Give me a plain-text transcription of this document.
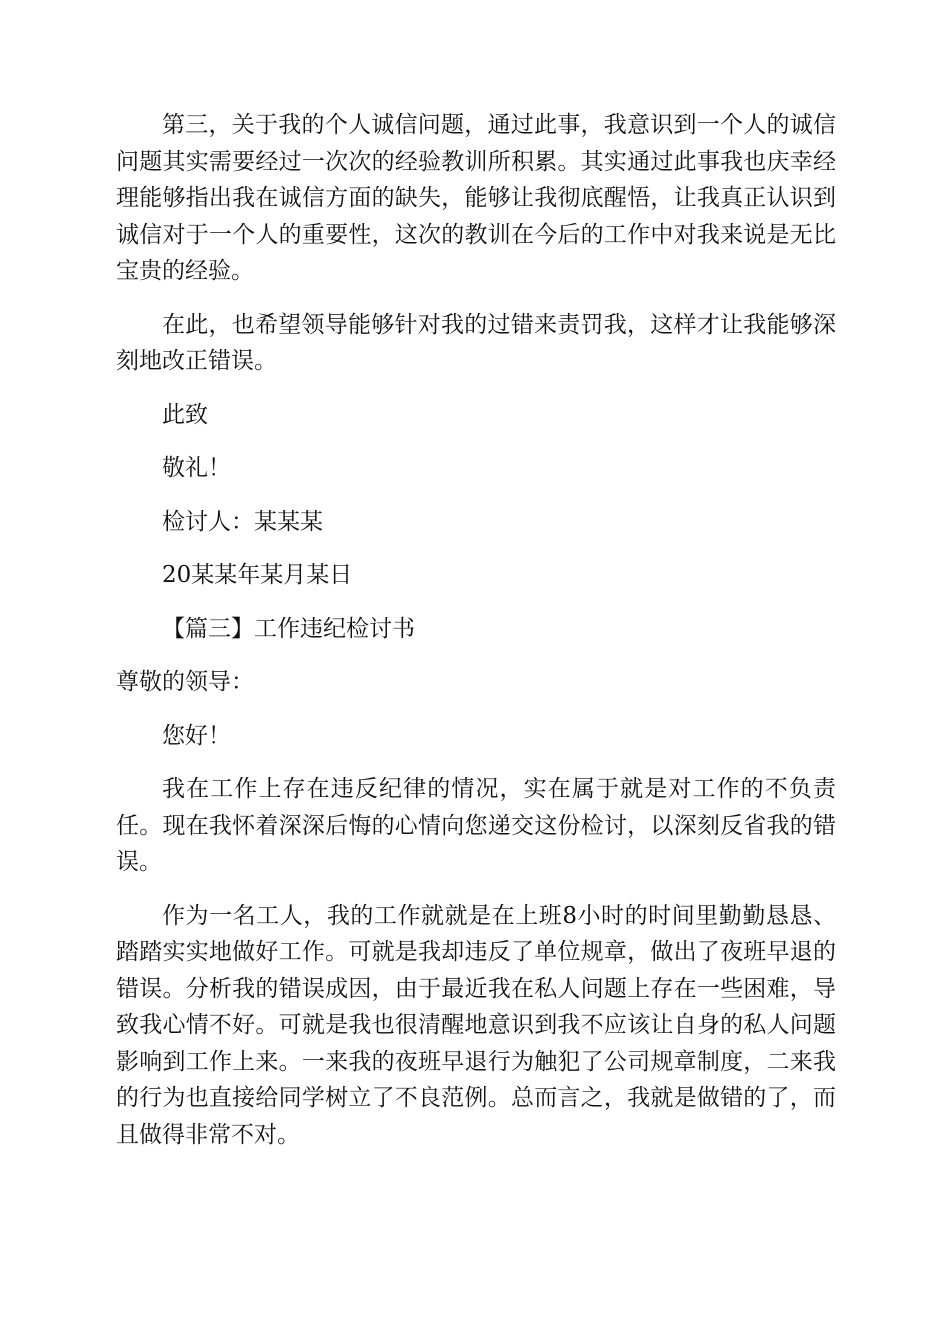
第三，关于我的个人诚信问题，通过此事，我意识到一个人的诚信问题其实需要经过一次次的经验教训所积累。其实通过此事我也庆幸经理能够指出我在诚信方面的缺失，能够让我彻底醒悟，让我真正认识到诚信对于一个人的重要性，这次的教训在今后的工作中对我来说是无比宝贵的经验。

在此，也希望领导能够针对我的过错来责罚我，这样才让我能够深刻地改正错误。

此致

敬礼！

检讨人：某某某

20某某年某月某日

【篇三】工作违纪检讨书

尊敬的领导：

您好！

我在工作上存在违反纪律的情况，实在属于就是对工作的不负责任。现在我怀着深深后悔的心情向您递交这份检讨，以深刻反省我的错误。

作为一名工人，我的工作就就是在上班8小时的时间里勤勤恳恳、踏踏实实地做好工作。可就是我却违反了单位规章，做出了夜班早退的错误。分析我的错误成因，由于最近我在私人问题上存在一些困难，导致我心情不好。可就是我也很清醒地意识到我不应该让自身的私人问题影响到工作上来。一来我的夜班早退行为触犯了公司规章制度，二来我的行为也直接给同学树立了不良范例。总而言之，我就是做错的了，而且做得非常不对。
